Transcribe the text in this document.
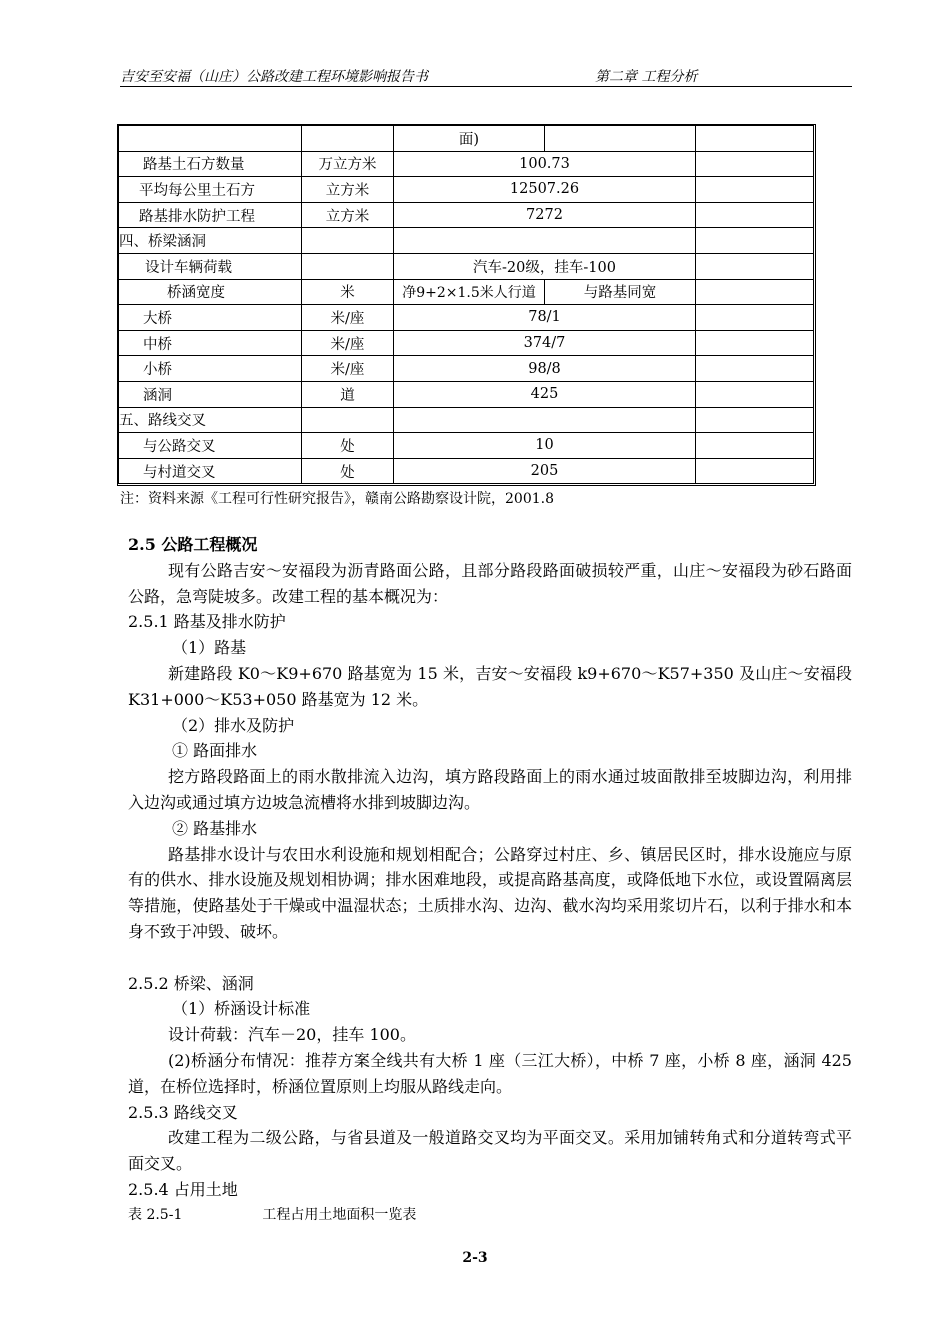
吉安至安福（山庄）公路改建工程环境影响报告书	第二章 工程分析
		面)		
路基土石方数量	万立方米	100.73		
平均每公里土石方	立方米	12507.26		
路基排水防护工程	立方米	7272		
四、桥梁涵洞				
设计车辆荷载		汽车-20级，挂车-100		
桥涵宽度	米	净9+2×1.5米人行道	与路基同宽	
大桥	米/座	78/1		
中桥	米/座	374/7		
小桥	米/座	98/8		
涵洞	道	425		
五、路线交叉				
与公路交叉	处	10		
与村道交叉	处	205		
注：资料来源《工程可行性研究报告》，赣南公路勘察设计院，2001.8

2.5 公路工程概况

现有公路吉安～安福段为沥青路面公路，且部分路段路面破损较严重，山庄～安福段为砂石路面公路，急弯陡坡多。改建工程的基本概况为：

2.5.1 路基及排水防护

（1）路基

新建路段 K0～K9+670 路基宽为 15 米，吉安～安福段 k9+670～K57+350 及山庄～安福段 K31+000～K53+050 路基宽为 12 米。

（2）排水及防护

① 路面排水

挖方路段路面上的雨水散排流入边沟，填方路段路面上的雨水通过坡面散排至坡脚边沟，利用排入边沟或通过填方边坡急流槽将水排到坡脚边沟。

② 路基排水

路基排水设计与农田水利设施和规划相配合；公路穿过村庄、乡、镇居民区时，排水设施应与原有的供水、排水设施及规划相协调；排水困难地段，或提高路基高度，或降低地下水位，或设置隔离层等措施，使路基处于干燥或中温湿状态；土质排水沟、边沟、截水沟均采用浆切片石，以利于排水和本身不致于冲毁、破坏。

2.5.2 桥梁、涵洞

（1）桥涵设计标准

设计荷载：汽车－20，挂车 100。

(2)桥涵分布情况：推荐方案全线共有大桥 1 座（三江大桥），中桥 7 座，小桥 8 座，涵洞 425 道，在桥位选择时，桥涵位置原则上均服从路线走向。

2.5.3 路线交叉

改建工程为二级公路，与省县道及一般道路交叉均为平面交叉。采用加铺转角式和分道转弯式平面交叉。

2.5.4 占用土地

表 2.5-1	工程占用土地面积一览表

2-3
